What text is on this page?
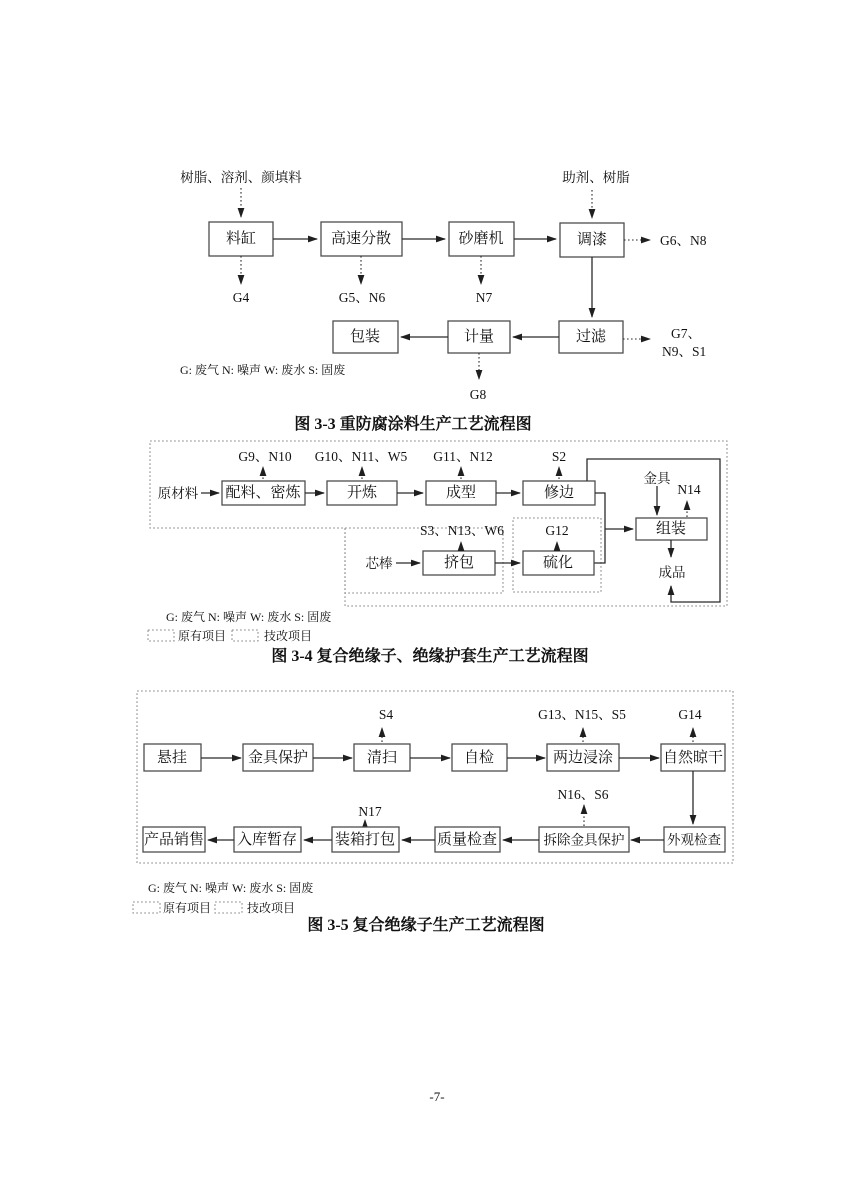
树脂、溶剂、颜填料	助剂、树脂
料缸	高速分散	砂磨机	调漆
G4	G5、N6	N7
G6、N8
包装	计量	过滤	G7、
N9、S1
G8
G: 废气 N: 噪声 W: 废水 S: 固废
图 3-3 重防腐涂料生产工艺流程图
G9、N10 G10、N11、W5 G11、N12	S2
原材料 配料、密炼	开炼	成型	修边
金具
N14
组装
成品
芯棒	挤包	硫化
S3、N13、W6	G12
G: 废气 N: 噪声 W: 废水 S: 固废
原有项目	技改项目
图 3-4 复合绝缘子、绝缘护套生产工艺流程图
S4	G13、N15、S5	G14
悬挂	金具保护	清扫	自检	两边浸涂	自然晾干
N17
N16、S6
产品销售 入库暂存	装箱打包	质量检查	拆除金具保护	外观检查
G: 废气 N: 噪声 W: 废水 S: 固废
原有项目	技改项目
图 3-5 复合绝缘子生产工艺流程图
-7-
